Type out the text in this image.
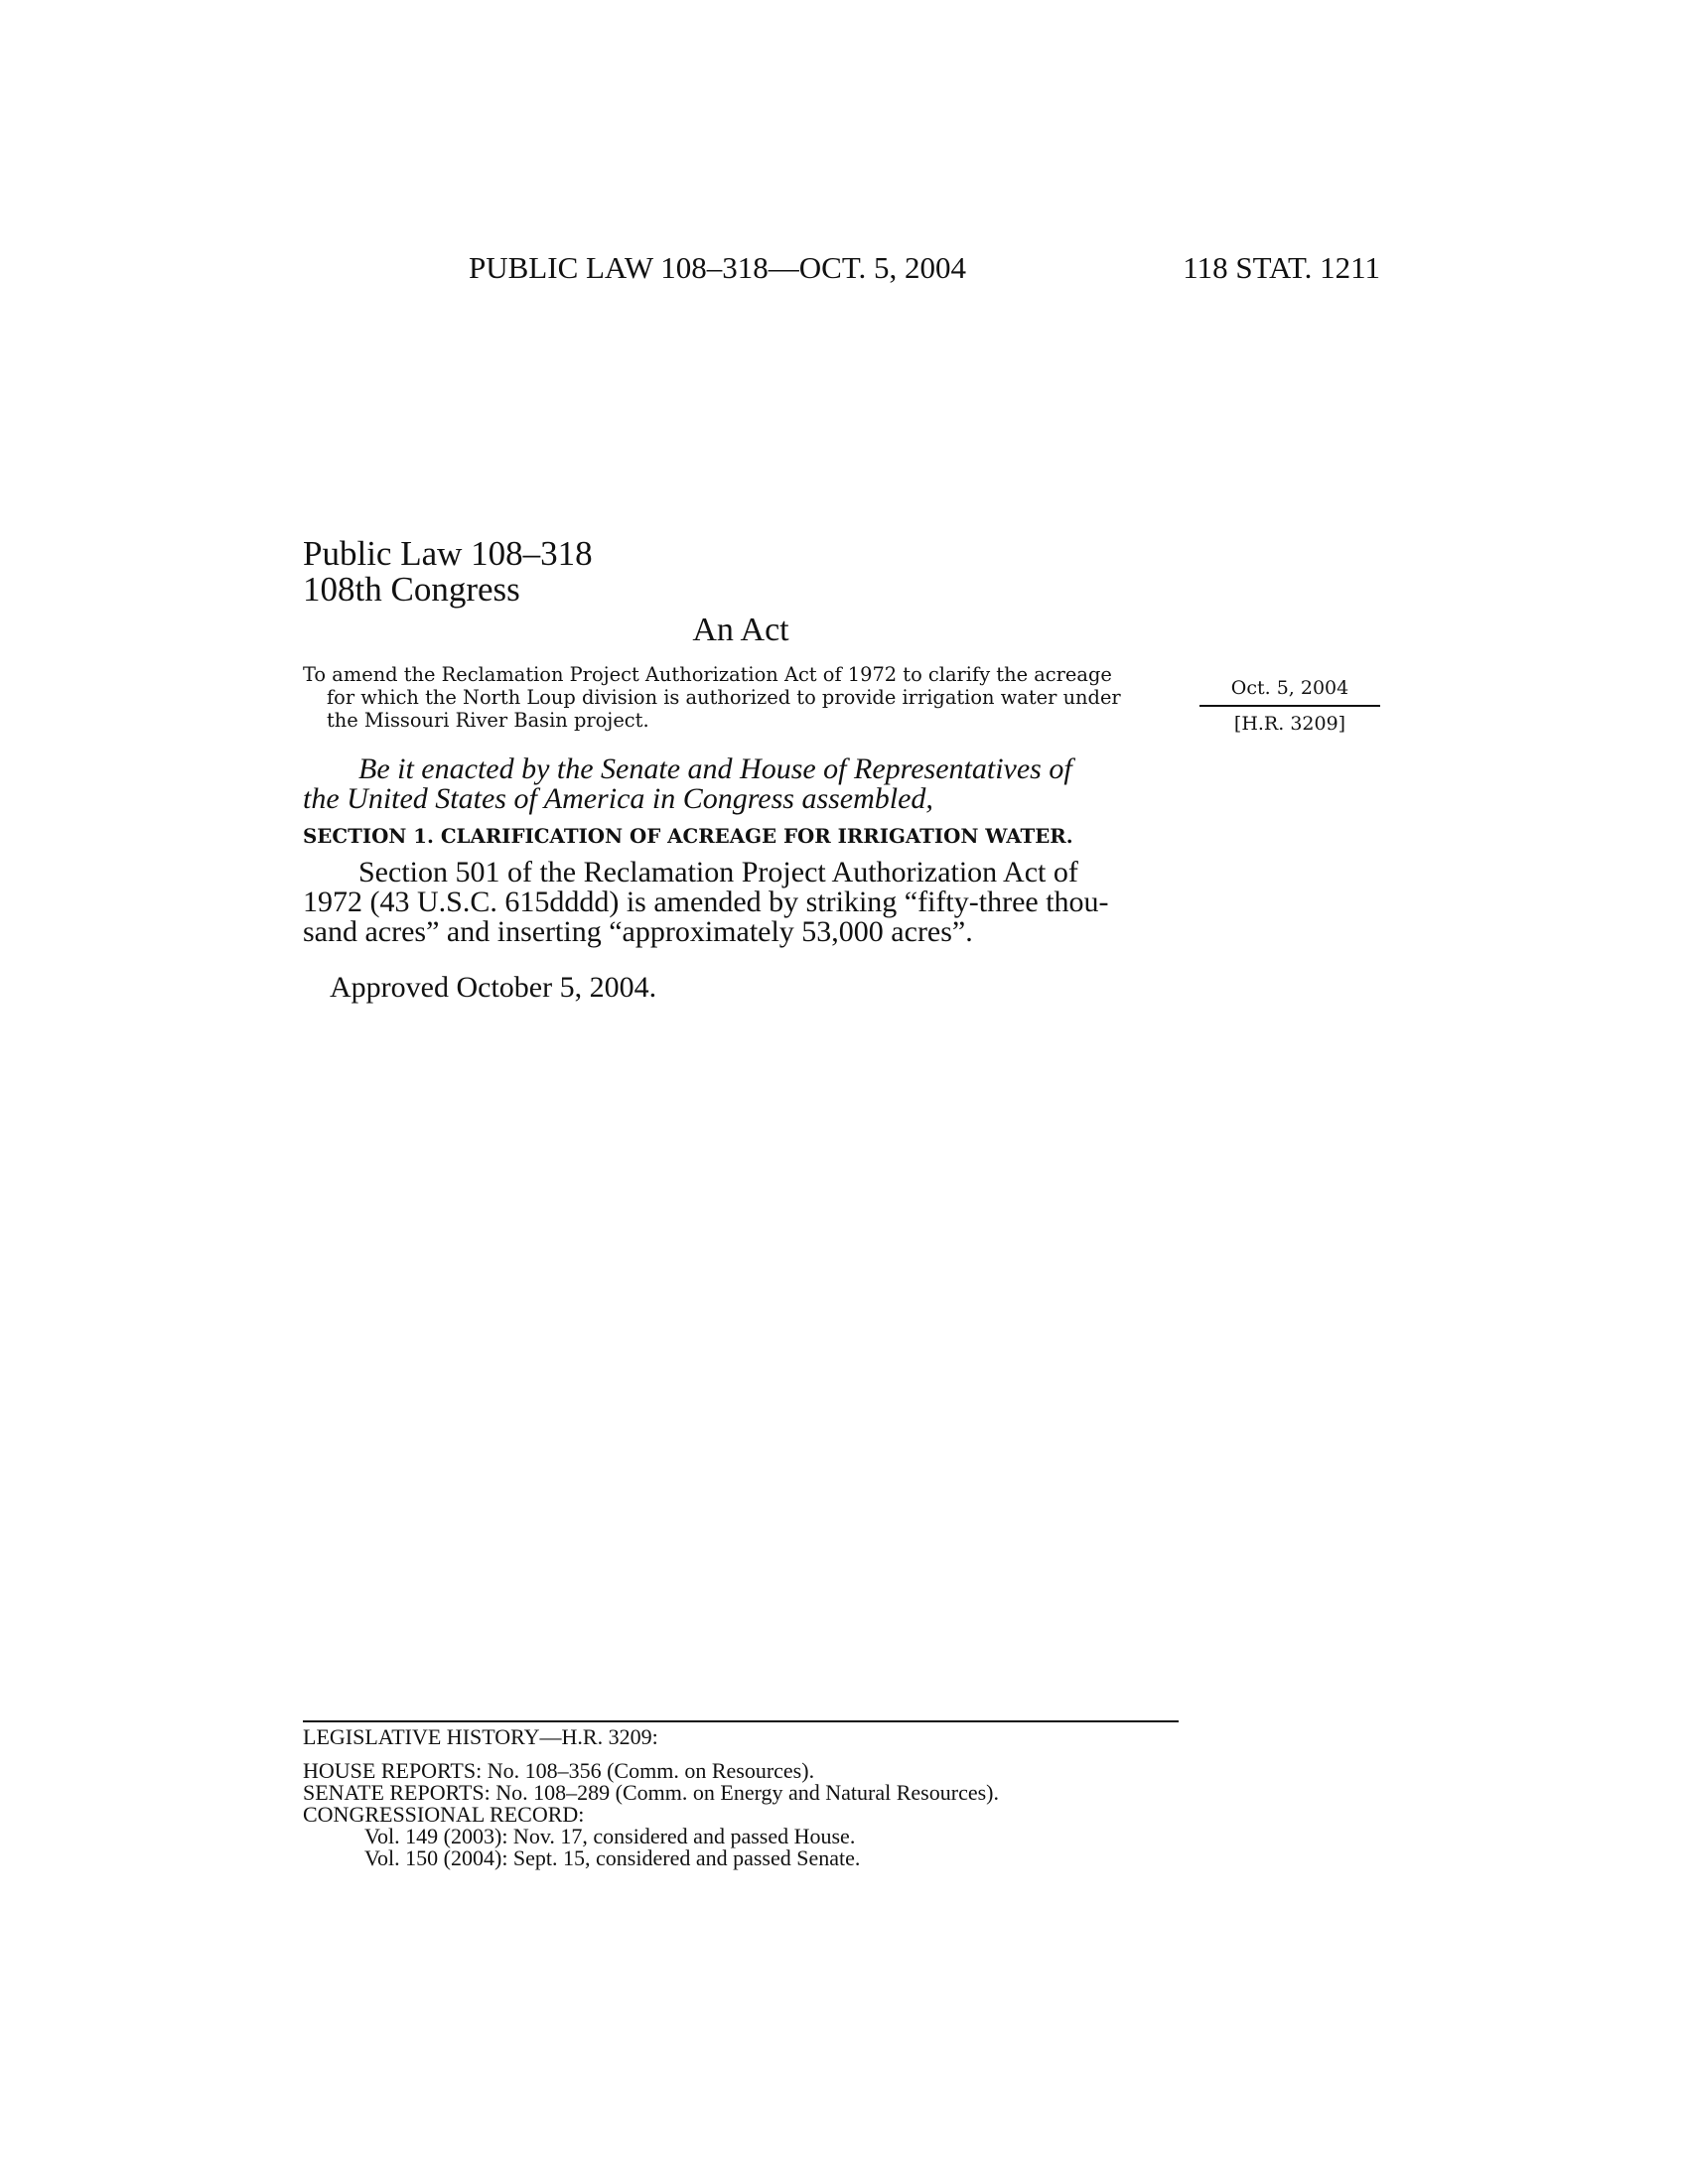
PUBLIC LAW 108–318—OCT. 5, 2004	118 STAT. 1211
Public Law 108–318
108th Congress
An Act
To amend the Reclamation Project Authorization Act of 1972 to clarify the acreage
for which the North Loup division is authorized to provide irrigation water under
the Missouri River Basin project.
Oct. 5, 2004
[H.R. 3209]
Be it enacted by the Senate and House of Representatives of
the United States of America in Congress assembled,
SECTION 1. CLARIFICATION OF ACREAGE FOR IRRIGATION WATER.
Section 501 of the Reclamation Project Authorization Act of
1972 (43 U.S.C. 615dddd) is amended by striking “fifty-three thou-
sand acres” and inserting “approximately 53,000 acres”.
Approved October 5, 2004.
LEGISLATIVE HISTORY—H.R. 3209:
HOUSE REPORTS: No. 108–356 (Comm. on Resources).
SENATE REPORTS: No. 108–289 (Comm. on Energy and Natural Resources).
CONGRESSIONAL RECORD:
Vol. 149 (2003): Nov. 17, considered and passed House.
Vol. 150 (2004): Sept. 15, considered and passed Senate.
